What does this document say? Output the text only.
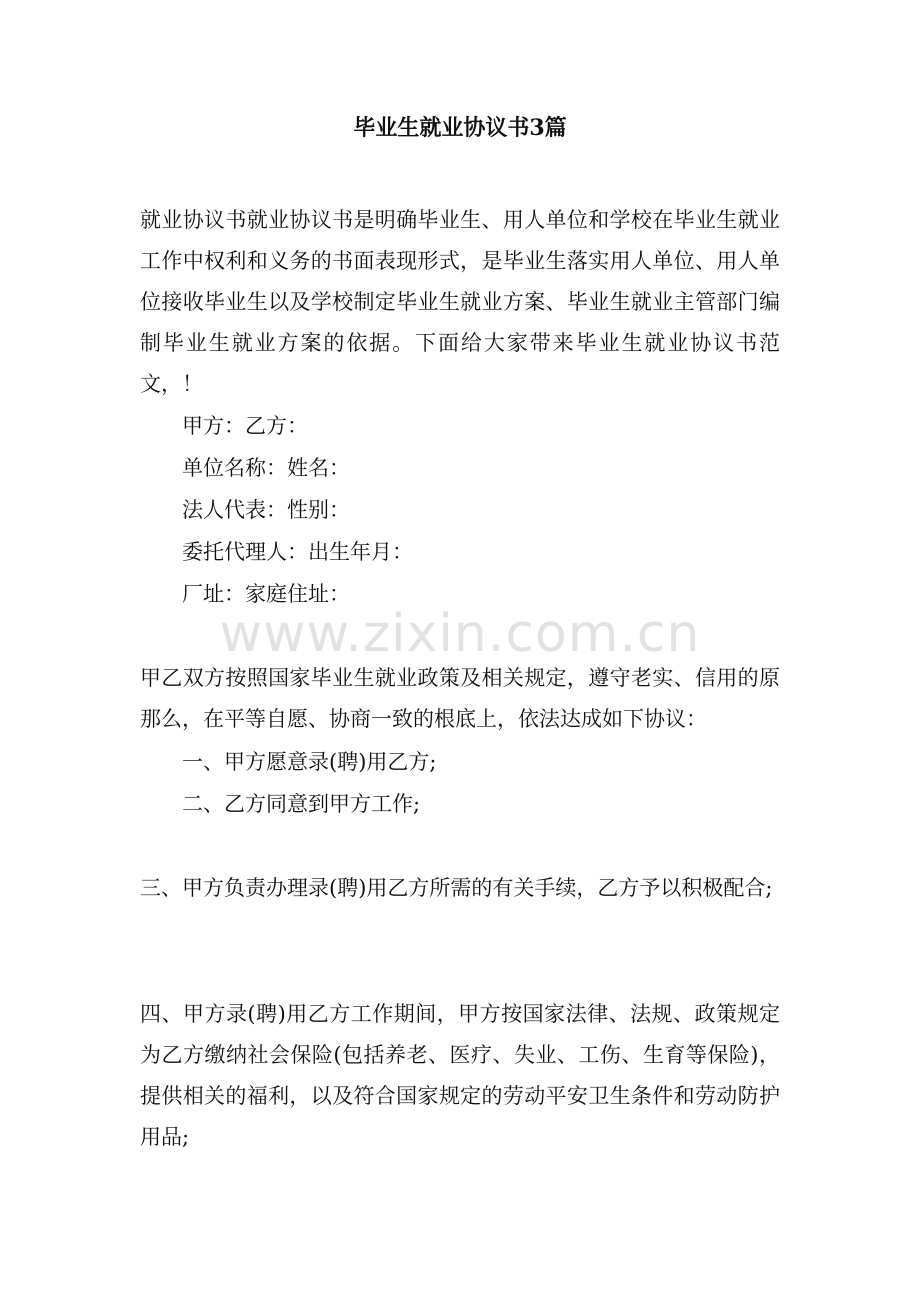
毕业生就业协议书3篇
就业协议书就业协议书是明确毕业生、用人单位和学校在毕业生就业工作中权利和义务的书面表现形式，是毕业生落实用人单位、用人单位接收毕业生以及学校制定毕业生就业方案、毕业生就业主管部门编制毕业生就业方案的依据。下面给大家带来毕业生就业协议书范文，！
甲方：乙方：
单位名称：姓名：
法人代表：性别：
委托代理人：出生年月：
厂址：家庭住址：
www.zixin.com.cn
甲乙双方按照国家毕业生就业政策及相关规定，遵守老实、信用的原那么，在平等自愿、协商一致的根底上，依法达成如下协议：
一、甲方愿意录(聘)用乙方;
二、乙方同意到甲方工作;
三、甲方负责办理录(聘)用乙方所需的有关手续，乙方予以积极配合;
四、甲方录(聘)用乙方工作期间，甲方按国家法律、法规、政策规定为乙方缴纳社会保险(包括养老、医疗、失业、工伤、生育等保险)，提供相关的福利，以及符合国家规定的劳动平安卫生条件和劳动防护用品;
